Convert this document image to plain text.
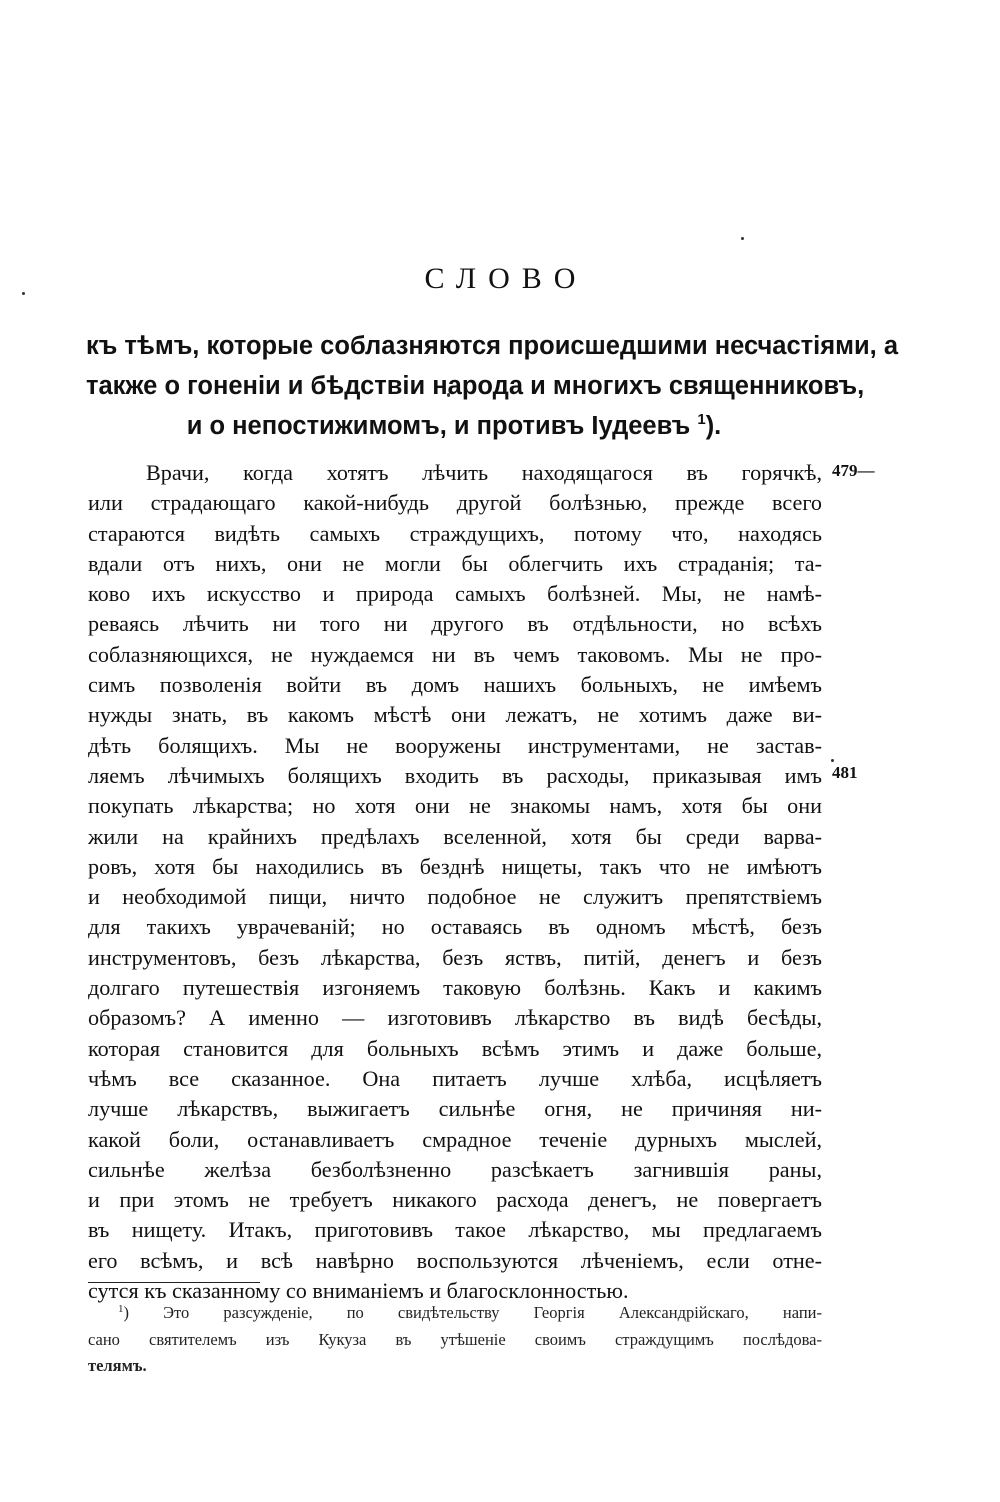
СЛОВО
къ тѣмъ, которые соблазняются происшедшими несчастіями, а
также о гоненіи и бѣдствіи народа и многихъ священниковъ,
и о непостижимомъ, и противъ Іудеевъ $^1$).
Врачи, когда хотятъ лѣчить находящагося въ горячкѣ,
или страдающаго какой-нибудь другой болѣзнью, прежде всего
стараются видѣть самыхъ страждущихъ, потому что, находясь
вдали отъ нихъ, они не могли бы облегчить ихъ страданія; та-
ково ихъ искусство и природа самыхъ болѣзней. Мы, не намѣ-
реваясь лѣчить ни того ни другого въ отдѣльности, но всѣхъ
соблазняющихся, не нуждаемся ни въ чемъ таковомъ. Мы не про-
симъ позволенія войти въ домъ нашихъ больныхъ, не имѣемъ
нужды знать, въ какомъ мѣстѣ они лежатъ, не хотимъ даже ви-
дѣть болящихъ. Мы не вооружены инструментами, не застав-
ляемъ лѣчимыхъ болящихъ входить въ расходы, приказывая имъ
покупать лѣкарства; но хотя они не знакомы намъ, хотя бы они
жили на крайнихъ предѣлахъ вселенной, хотя бы среди варва-
ровъ, хотя бы находились въ безднѣ нищеты, такъ что не имѣютъ
и необходимой пищи, ничто подобное не служитъ препятствіемъ
для такихъ уврачеваній; но оставаясь въ одномъ мѣстѣ, безъ
инструментовъ, безъ лѣкарства, безъ яствъ, питій, денегъ и безъ
долгаго путешествія изгоняемъ таковую болѣзнь. Какъ и какимъ
образомъ? А именно — изготовивъ лѣкарство въ видѣ бесѣды,
которая становится для больныхъ всѣмъ этимъ и даже больше,
чѣмъ все сказанное. Она питаетъ лучше хлѣба, исцѣляетъ
лучше лѣкарствъ, выжигаетъ сильнѣе огня, не причиняя ни-
какой боли, останавливаетъ смрадное теченіе дурныхъ мыслей,
сильнѣе желѣза безболѣзненно разсѣкаетъ загнившія раны,
и при этомъ не требуетъ никакого расхода денегъ, не повергаетъ
въ нищету. Итакъ, приготовивъ такое лѣкарство, мы предлагаемъ
его всѣмъ, и всѣ навѣрно воспользуются лѣченіемъ, если отне-
сутся къ сказанному со вниманіемъ и благосклонностью.
479—
481
$^1$) Это разсужденіе, по свидѣтельству Георгія Александрійскаго, напи-
сано святителемъ изъ Кукуза въ утѣшеніе своимъ страждущимъ послѣдова-
телямъ.
